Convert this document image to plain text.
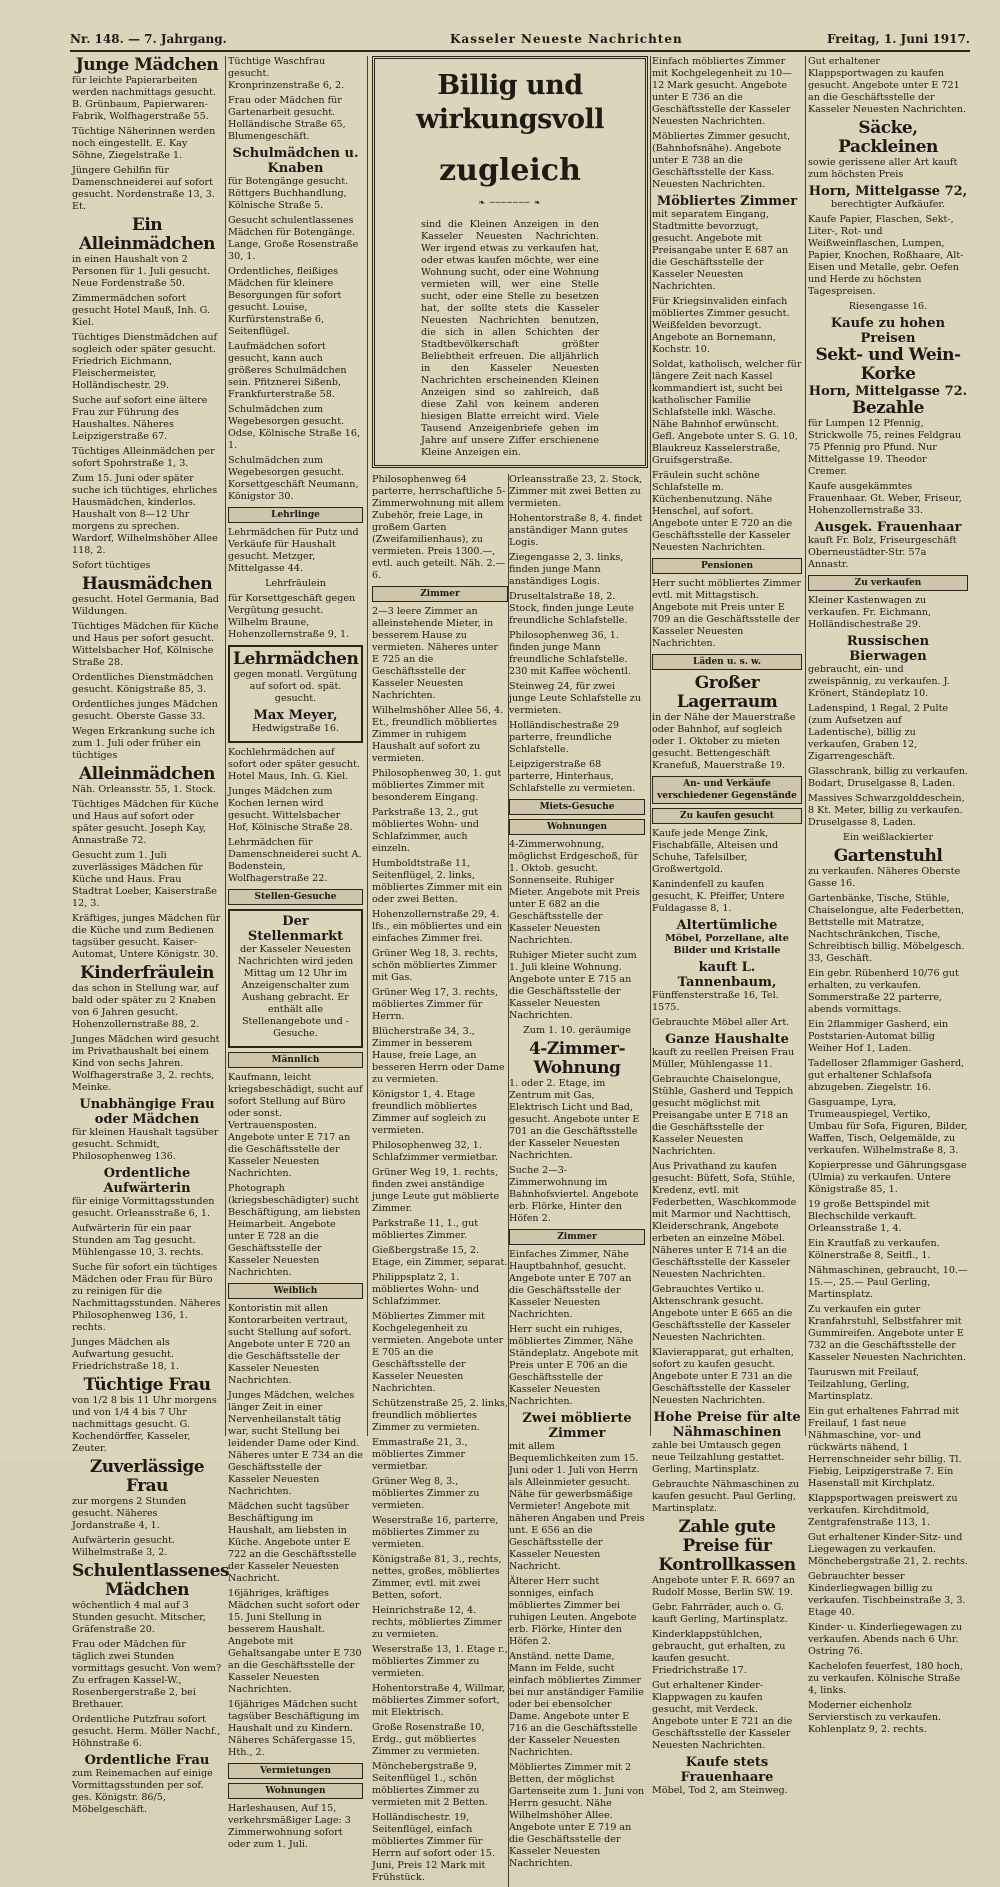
Nr. 148. — 7. Jahrgang.	Kasseler Neueste Nachrichten	Freitag, 1. Juni 1917.
Junge Mädchen
für leichte Papierarbeiten werden nachmittags gesucht. B. Grünbaum, Papierwaren-Fabrik, Wolfhagerstraße 55.
Tüchtige Näherinnen werden noch eingestellt. E. Kay Söhne, Ziegelstraße 1.
Jüngere Gehilfin für Damenschneiderei auf sofort gesucht. Nordenstraße 13, 3. Et.
Ein Alleinmädchen
in einen Haushalt von 2 Personen für 1. Juli gesucht. Neue Fordenstraße 50.
Zimmermädchen sofort gesucht Hotel Mauß, Inh. G. Kiel.
Tüchtiges Dienstmädchen auf sogleich oder später gesucht. Friedrich Eichmann, Fleischermeister, Holländischestr. 29.
Suche auf sofort eine ältere Frau zur Führung des Haushaltes. Näheres Leipzigerstraße 67.
Tüchtiges Alleinmädchen per sofort Spohrstraße 1, 3.
Zum 15. Juni oder später suche ich tüchtiges, ehrliches Hausmädchen, kinderlos. Haushalt von 8—12 Uhr morgens zu sprechen. Wardorf, Wilhelmshöher Allee 118, 2.
Sofort tüchtiges
Hausmädchen
gesucht. Hotel Germania, Bad Wildungen.
Tüchtiges Mädchen für Küche und Haus per sofort gesucht. Wittelsbacher Hof, Kölnische Straße 28.
Ordentliches Dienstmädchen gesucht. Königstraße 85, 3.
Ordentliches junges Mädchen gesucht. Oberste Gasse 33.
Wegen Erkrankung suche ich zum 1. Juli oder früher ein tüchtiges
Alleinmädchen
Näh. Orleansstr. 55, 1. Stock.
Tüchtiges Mädchen für Küche und Haus auf sofort oder später gesucht. Joseph Kay, Annastraße 72.
Gesucht zum 1. Juli zuverlässiges Mädchen für Küche und Haus. Frau Stadtrat Loeber, Kaiserstraße 12, 3.
Kräftiges, junges Mädchen für die Küche und zum Bedienen tagsüber gesucht. Kaiser-Automat, Untere Königstr. 30.
Kinderfräulein
das schon in Stellung war, auf bald oder später zu 2 Knaben von 6 Jahren gesucht. Hohenzollernstraße 88, 2.
Junges Mädchen wird gesucht im Privathaushalt bei einem Kind von sechs Jahren. Wolfhagerstraße 3, 2. rechts, Meinke.
Unabhängige Frau oder Mädchen
für kleinen Haushalt tagsüber gesucht. Schmidt, Philosophenweg 136.
Ordentliche Aufwärterin
für einige Vormittagsstunden gesucht. Orleansstraße 6, 1.
Aufwärterin für ein paar Stunden am Tag gesucht. Mühlengasse 10, 3. rechts.
Suche für sofort ein tüchtiges Mädchen oder Frau für Büro zu reinigen für die Nachmittagsstunden. Näheres Philosophenweg 136, 1. rechts.
Junges Mädchen als Aufwartung gesucht. Friedrichstraße 18, 1.
Tüchtige Frau
von 1/2 8 bis 11 Uhr morgens und von 1/4 4 bis 7 Uhr nachmittags gesucht. G. Kochendörffer, Kasseler, Zeuter.
Zuverlässige Frau
zur morgens 2 Stunden gesucht. Näheres Jordanstraße 4, 1.
Aufwärterin gesucht. Wilhelmstraße 3, 2.
Schulentlassenes Mädchen
wöchentlich 4 mal auf 3 Stunden gesucht. Mitscher, Gräfenstraße 20.
Frau oder Mädchen für täglich zwei Stunden vormittags gesucht. Von wem? Zu erfragen Kassel-W., Rosenbergerstraße 2, bei Brethauer.
Ordentliche Putzfrau sofort gesucht. Herm. Möller Nachf., Höhnstraße 6.
Ordentliche Frau
zum Reinemachen auf einige Vormittagsstunden per sof. ges. Königstr. 86/5, Möbelgeschäft.
Tüchtige Waschfrau gesucht. Kronprinzenstraße 6, 2.
Frau oder Mädchen für Gartenarbeit gesucht. Holländische Straße 65, Blumengeschäft.
Schulmädchen u. Knaben
für Botengänge gesucht. Röttgers Buchhandlung, Kölnische Straße 5.
Gesucht schulentlassenes Mädchen für Botengänge. Lange, Große Rosenstraße 30, 1.
Ordentliches, fleißiges Mädchen für kleinere Besorgungen für sofort gesucht. Louise, Kurfürstenstraße 6, Seitenflügel.
Laufmädchen sofort gesucht, kann auch größeres Schulmädchen sein. Pfitznerei Sißenb, Frankfurterstraße 58.
Schulmädchen zum Wegebesorgen gesucht. Odse, Kölnische Straße 16, 1.
Schulmädchen zum Wegebesorgen gesucht. Korsettgeschäft Neumann, Königstor 30.
Lehrlinge
Lehrmädchen für Putz und Verkäufe für Haushalt gesucht. Metzger, Mittelgasse 44.
Lehrfräulein
für Korsettgeschäft gegen Vergütung gesucht. Wilhelm Braune, Hohenzollernstraße 9, 1.
Lehrmädchen
gegen monatl. Vergütung auf sofort od. spät. gesucht.
Max Meyer,
Hedwigstraße 16.
Kochlehrmädchen auf sofort oder später gesucht. Hotel Maus, Inh. G. Kiel.
Junges Mädchen zum Kochen lernen wird gesucht. Wittelsbacher Hof, Kölnische Straße 28.
Lehrmädchen für Damenschneiderei sucht A. Bodenstein, Wolfhagerstraße 22.
Stellen-Gesuche
Der Stellenmarkt
der Kasseler Neuesten Nachrichten wird jeden Mittag um 12 Uhr im Anzeigenschalter zum Aushang gebracht. Er enthält alle Stellenangebote und -Gesuche.
Männlich
Kaufmann, leicht kriegsbeschädigt, sucht auf sofort Stellung auf Büro oder sonst. Vertrauensposten. Angebote unter E 717 an die Geschäftsstelle der Kasseler Neuesten Nachrichten.
Photograph (kriegsbeschädigter) sucht Beschäftigung, am liebsten Heimarbeit. Angebote unter E 728 an die Geschäftsstelle der Kasseler Neuesten Nachrichten.
Weiblich
Kontoristin mit allen Kontorarbeiten vertraut, sucht Stellung auf sofort. Angebote unter E 720 an die Geschäftsstelle der Kasseler Neuesten Nachrichten.
Junges Mädchen, welches länger Zeit in einer Nervenheilanstalt tätig war, sucht Stellung bei leidender Dame oder Kind. Näheres unter E 734 an die Geschäftsstelle der Kasseler Neuesten Nachrichten.
Mädchen sucht tagsüber Beschäftigung im Haushalt, am liebsten in Küche. Angebote unter E 722 an die Geschäftsstelle der Kasseler Neuesten Nachricht.
16jähriges, kräftiges Mädchen sucht sofort oder 15. Juni Stellung in besserem Haushalt. Angebote mit Gehaltsangabe unter E 730 an die Geschäftsstelle der Kasseler Neuesten Nachrichten.
16jähriges Mädchen sucht tagsüber Beschäftigung im Haushalt und zu Kindern. Näheres Schäfergasse 15, Hth., 2.
Vermietungen
Wohnungen
Harleshausen, Auf 15, verkehrsmäßiger Lage: 3 Zimmerwohnung sofort oder zum 1. Juli.
Billig und wirkungsvoll
zugleich
❧ ─────── ❧
sind die Kleinen Anzeigen in den Kasseler Neuesten Nachrichten. Wer irgend etwas zu verkaufen hat, oder etwas kaufen möchte, wer eine Wohnung sucht, oder eine Wohnung vermieten will, wer eine Stelle sucht, oder eine Stelle zu besetzen hat, der sollte stets die Kasseler Neuesten Nachrichten benutzen, die sich in allen Schichten der Stadtbevölkerschaft größter Beliebtheit erfreuen. Die alljährlich in den Kasseler Neuesten Nachrichten erscheinenden Kleinen Anzeigen sind so zahlreich, daß diese Zahl von keinem anderen hiesigen Blatte erreicht wird. Viele Tausend Anzeigenbriefe gehen im Jahre auf unsere Ziffer erschienene Kleine Anzeigen ein.
Philosophenweg 64 parterre, herrschaftliche 5-Zimmerwohnung mit allem Zubehör, freie Lage, in großem Garten (Zweifamilienhaus), zu vermieten. Preis 1300.—, evtl. auch geteilt. Näh. 2.—6.
Zimmer
2—3 leere Zimmer an alleinstehende Mieter, in besserem Hause zu vermieten. Näheres unter E 725 an die Geschäftsstelle der Kasseler Neuesten Nachrichten.
Wilhelmshöher Allee 56, 4. Et., freundlich möbliertes Zimmer in ruhigem Haushalt auf sofort zu vermieten.
Philosophenweg 30, 1. gut möbliertes Zimmer mit besonderem Eingang.
Parkstraße 13, 2., gut möbliertes Wohn- und Schlafzimmer, auch einzeln.
Humboldtstraße 11, Seitenflügel, 2. links, möbliertes Zimmer mit ein oder zwei Betten.
Hohenzollernstraße 29, 4. lfs., ein möbliertes und ein einfaches Zimmer frei.
Grüner Weg 18, 3. rechts, schön möbliertes Zimmer mit Gas.
Grüner Weg 17, 3. rechts, möbliertes Zimmer für Herrn.
Blücherstraße 34, 3., Zimmer in besserem Hause, freie Lage, an besseren Herrn oder Dame zu vermieten.
Königstor 1, 4. Etage freundlich möbliertes Zimmer auf sogleich zu vermieten.
Philosophenweg 32, 1. Schlafzimmer vermietbar.
Grüner Weg 19, 1. rechts, finden zwei anständige junge Leute gut möblierte Zimmer.
Parkstraße 11, 1., gut möbliertes Zimmer.
Gießbergstraße 15, 2. Etage, ein Zimmer, separat.
Philippsplatz 2, 1. möbliertes Wohn- und Schlafzimmer.
Möbliertes Zimmer mit Kochgelegenheit zu vermieten. Angebote unter E 705 an die Geschäftsstelle der Kasseler Neuesten Nachrichten.
Schützenstraße 25, 2. links, freundlich möbliertes Zimmer zu vermieten.
Emmastraße 21, 3., möbliertes Zimmer vermietbar.
Grüner Weg 8, 3., möbliertes Zimmer zu vermieten.
Weserstraße 16, parterre, möbliertes Zimmer zu vermieten.
Königstraße 81, 3., rechts, nettes, großes, möbliertes Zimmer, evtl. mit zwei Betten, sofort.
Heinrichstraße 12, 4. rechts, möbliertes Zimmer zu vermieten.
Weserstraße 13, 1. Etage r., möbliertes Zimmer zu vermieten.
Hohentorstraße 4, Willmar, möbliertes Zimmer sofort, mit Elektrisch.
Große Rosenstraße 10, Erdg., gut möbliertes Zimmer zu vermieten.
Mönchebergstraße 9, Seitenflügel 1., schön möbliertes Zimmer zu vermieten mit 2 Betten.
Holländischestr. 19, Seitenflügel, einfach möbliertes Zimmer für Herrn auf sofort oder 15. Juni, Preis 12 Mark mit Frühstück.
Orleansstraße 23, 2. Stock, Zimmer mit zwei Betten zu vermieten.
Hohentorstraße 8, 4. findet anständiger Mann gutes Logis.
Ziegengasse 2, 3. links, finden junge Mann anständiges Logis.
Druseltalstraße 18, 2. Stock, finden junge Leute freundliche Schlafstelle.
Philosophenweg 36, 1. finden junge Mann freundliche Schlafstelle. 230 mit Kaffee wöchentl.
Steinweg 24, für zwei junge Leute Schlafstelle zu vermieten.
Holländischestraße 29 parterre, freundliche Schlafstelle.
Leipzigerstraße 68 parterre, Hinterhaus, Schlafstelle zu vermieten.
Miets-Gesuche
Wohnungen
4-Zimmerwohnung, möglichst Erdgeschoß, für 1. Oktob. gesucht. Sonnenseite. Ruhiger Mieter. Angebote mit Preis unter E 682 an die Geschäftsstelle der Kasseler Neuesten Nachrichten.
Ruhiger Mieter sucht zum 1. Juli kleine Wohnung. Angebote unter E 715 an die Geschäftsstelle der Kasseler Neuesten Nachrichten.
Zum 1. 10. geräumige
4-Zimmer-Wohnung
1. oder 2. Etage, im Zentrum mit Gas, Elektrisch Licht und Bad, gesucht. Angebote unter E 701 an die Geschäftsstelle der Kasseler Neuesten Nachrichten.
Suche 2—3-Zimmerwohnung im Bahnhofsviertel. Angebote erb. Flörke, Hinter den Höfen 2.
Zimmer
Einfaches Zimmer, Nähe Hauptbahnhof, gesucht. Angebote unter E 707 an die Geschäftsstelle der Kasseler Neuesten Nachrichten.
Herr sucht ein ruhiges, möbliertes Zimmer, Nähe Ständeplatz. Angebote mit Preis unter E 706 an die Geschäftsstelle der Kasseler Neuesten Nachrichten.
Zwei möblierte Zimmer
mit allem Bequemlichkeiten zum 15. Juni oder 1. Juli von Herrn als Alleinmieter gesucht. Nähe für gewerbsmäßige Vermieter! Angebote mit näheren Angaben und Preis unt. E 656 an die Geschäftsstelle der Kasseler Neuesten Nachricht.
Älterer Herr sucht sonniges, einfach möbliertes Zimmer bei ruhigen Leuten. Angebote erb. Flörke, Hinter den Höfen 2.
Anständ. nette Dame, Mann im Felde, sucht einfach möbliertes Zimmer bei nur anständiger Familie oder bei ebensolcher Dame. Angebote unter E 716 an die Geschäftsstelle der Kasseler Neuesten Nachrichten.
Möbliertes Zimmer mit 2 Betten, der möglichst Gartenseite zum 1. Juni von Herrn gesucht. Nähe Wilhelmshöher Allee. Angebote unter E 719 an die Geschäftsstelle der Kasseler Neuesten Nachrichten.
Einfach möbliertes Zimmer mit Kochgelegenheit zu 10—12 Mark gesucht. Angebote unter E 736 an die Geschäftsstelle der Kasseler Neuesten Nachrichten.
Möbliertes Zimmer gesucht, (Bahnhofsnähe). Angebote unter E 738 an die Geschäftsstelle der Kass. Neuesten Nachrichten.
Möbliertes Zimmer
mit separatem Eingang, Stadtmitte bevorzugt, gesucht. Angebote mit Preisangabe unter E 687 an die Geschäftsstelle der Kasseler Neuesten Nachrichten.
Für Kriegsinvaliden einfach möbliertes Zimmer gesucht. Weißfelden bevorzugt. Angebote an Bornemann, Kochstr. 10.
Soldat, katholisch, welcher für längere Zeit nach Kassel kommandiert ist, sucht bei katholischer Familie Schlafstelle inkl. Wäsche. Nähe Bahnhof erwünscht. Gefl. Angebote unter S. G. 10, Blaukreuz Kasselerstraße, Gruifsgerstraße.
Fräulein sucht schöne Schlafstelle m. Küchenbenutzung. Nähe Henschel, auf sofort. Angebote unter E 720 an die Geschäftsstelle der Kasseler Neuesten Nachrichten.
Pensionen
Herr sucht möbliertes Zimmer evtl. mit Mittagstisch. Angebote mit Preis unter E 709 an die Geschäftsstelle der Kasseler Neuesten Nachrichten.
Läden u. s. w.
Großer Lagerraum
in der Nähe der Mauerstraße oder Bahnhof, auf sogleich oder 1. Oktober zu mieten gesucht. Bettengeschäft Kranefuß, Mauerstraße 19.
An- und Verkäufe verschiedener Gegenstände
Zu kaufen gesucht
Kaufe jede Menge Zink, Fischabfälle, Alteisen und Schuhe, Tafelsilber, Großwertgold.
Kanindenfell zu kaufen gesucht, K. Pfeiffer, Untere Fuldagasse 8, 1.
Altertümliche
Möbel, Porzellane, alte Bilder und Kristalle
kauft L. Tannenbaum,
Fünffensterstraße 16, Tel. 1575.
Gebrauchte Möbel aller Art.
Ganze Haushalte
kauft zu reellen Preisen Frau Müller, Mühlengasse 11.
Gebrauchte Chaiselongue, Stühle, Gasherd und Teppich gesucht möglichst mit Preisangabe unter E 718 an die Geschäftsstelle der Kasseler Neuesten Nachrichten.
Aus Privathand zu kaufen gesucht: Büfett, Sofa, Stühle, Kredenz, evtl. mit Federbetten, Waschkommode mit Marmor und Nachttisch, Kleiderschrank, Angebote erbeten an einzelne Möbel. Näheres unter E 714 an die Geschäftsstelle der Kasseler Neuesten Nachrichten.
Gebrauchtes Vertiko u. Aktenschrank gesucht. Angebote unter E 665 an die Geschäftsstelle der Kasseler Neuesten Nachrichten.
Klavierapparat, gut erhalten, sofort zu kaufen gesucht. Angebote unter E 731 an die Geschäftsstelle der Kasseler Neuesten Nachrichten.
Hohe Preise für alte Nähmaschinen
zahle bei Umtausch gegen neue Teilzahlung gestattet. Gerling, Martinsplatz.
Gebrauchte Nähmaschinen zu kaufen gesucht. Paul Gerling, Martinsplatz.
Zahle gute Preise für Kontrollkassen
Angebote unter F. R. 6697 an Rudolf Mosse, Berlin SW. 19.
Gebr. Fahrräder, auch o. G. kauft Gerling, Martinsplatz.
Kinderklappstühlchen, gebraucht, gut erhalten, zu kaufen gesucht. Friedrichstraße 17.
Gut erhaltener Kinder-Klappwagen zu kaufen gesucht, mit Verdeck. Angebote unter E 721 an die Geschäftsstelle der Kasseler Neuesten Nachrichten.
Kaufe stets Frauenhaare
Möbel, Tod 2, am Steinweg.
Gut erhaltener Klappsportwagen zu kaufen gesucht. Angebote unter E 721 an die Geschäftsstelle der Kasseler Neuesten Nachrichten.
Säcke, Packleinen
sowie gerissene aller Art kauft zum höchsten Preis
Horn, Mittelgasse 72,
berechtigter Aufkäufer.
Kaufe Papier, Flaschen, Sekt-, Liter-, Rot- und Weißweinflaschen, Lumpen, Papier, Knochen, Roßhaare, Alt-Eisen und Metalle, gebr. Oefen und Herde zu höchsten Tagespreisen.
Riesengasse 16.
Kaufe zu hohen Preisen
Sekt- und Wein-Korke
Horn, Mittelgasse 72.
Bezahle
für Lumpen 12 Pfennig, Strickwolle 75, reines Feldgrau 75 Pfennig pro Pfund. Nur Mittelgasse 19. Theodor Cremer.
Kaufe ausgekämmtes Frauenhaar. Gt. Weber, Friseur, Hohenzollernstraße 33.
Ausgek. Frauenhaar
kauft Fr. Bolz, Friseurgeschäft Oberneustädter-Str. 57a Annastr.
Zu verkaufen
Kleiner Kastenwagen zu verkaufen. Fr. Eichmann, Holländischestraße 29.
Russischen Bierwagen
gebraucht, ein- und zweispännig, zu verkaufen. J. Krönert, Ständeplatz 10.
Ladenspind, 1 Regal, 2 Pulte (zum Aufsetzen auf Ladentische), billig zu verkaufen, Graben 12, Zigarrengeschäft.
Glasschrank, billig zu verkaufen. Bodart, Druselgasse 8, Laden.
Massives Schwarzgolddeschein, 8 Kt. Meter, billig zu verkaufen. Druselgasse 8, Laden.
Ein weißlackierter
Gartenstuhl
zu verkaufen. Näheres Oberste Gasse 16.
Gartenbänke, Tische, Stühle, Chaiselongue, alte Federbetten, Bettstelle mit Matratze, Nachtschränkchen, Tische, Schreibtisch billig. Möbelgesch. 33, Geschäft.
Ein gebr. Rübenherd 10/76 gut erhalten, zu verkaufen. Sommerstraße 22 parterre, abends vormittags.
Ein 2flammiger Gasherd, ein Poststarien-Automat billig Weiher Hof 1, Laden.
Tadelloser 2flammiger Gasherd, gut erhaltener Schlafsofa abzugeben. Ziegelstr. 16.
Gasguampe, Lyra, Trumeauspiegel, Vertiko, Umbau für Sofa, Figuren, Bilder, Waffen, Tisch, Oelgemälde, zu verkaufen. Wilhelmstraße 8, 3.
Kopierpresse und Gährungsgase (Ulmia) zu verkaufen. Untere Königstraße 85, 1.
19 große Bettspindel mit Blechschilde verkauft. Orleansstraße 1, 4.
Ein Krautfaß zu verkaufen. Kölnerstraße 8, Seitfl., 1.
Nähmaschinen, gebraucht, 10.—15.—, 25.— Paul Gerling, Martinsplatz.
Zu verkaufen ein guter Kranfahrstuhl, Selbstfahrer mit Gummireifen. Angebote unter E 732 an die Geschäftsstelle der Kasseler Neuesten Nachrichten.
Tauruswn mit Freilauf, Teilzahlung, Gerling, Martinsplatz.
Ein gut erhaltenes Fahrrad mit Freilauf, 1 fast neue Nähmaschine, vor- und rückwärts nähend, 1 Herrenschneider sehr billig. Tl. Fiebig, Leipzigerstraße 7. Ein Hasenstall mit Kirchplatz.
Klappsportwagen preiswert zu verkaufen. Kirchditmold, Zentgrafenstraße 113, 1.
Gut erhaltener Kinder-Sitz- und Liegewagen zu verkaufen. Mönchebergstraße 21, 2. rechts.
Gebrauchter besser Kinderliegwagen billig zu verkaufen. Tischbeinstraße 3, 3. Etage 40.
Kinder- u. Kinderliegewagen zu verkaufen. Abends nach 6 Uhr. Ostring 76.
Kachelofen feuerfest, 180 hoch, zu verkaufen. Kölnische Straße 4, links.
Moderner eichenholz Servierstisch zu verkaufen. Kohlenplatz 9, 2. rechts.
